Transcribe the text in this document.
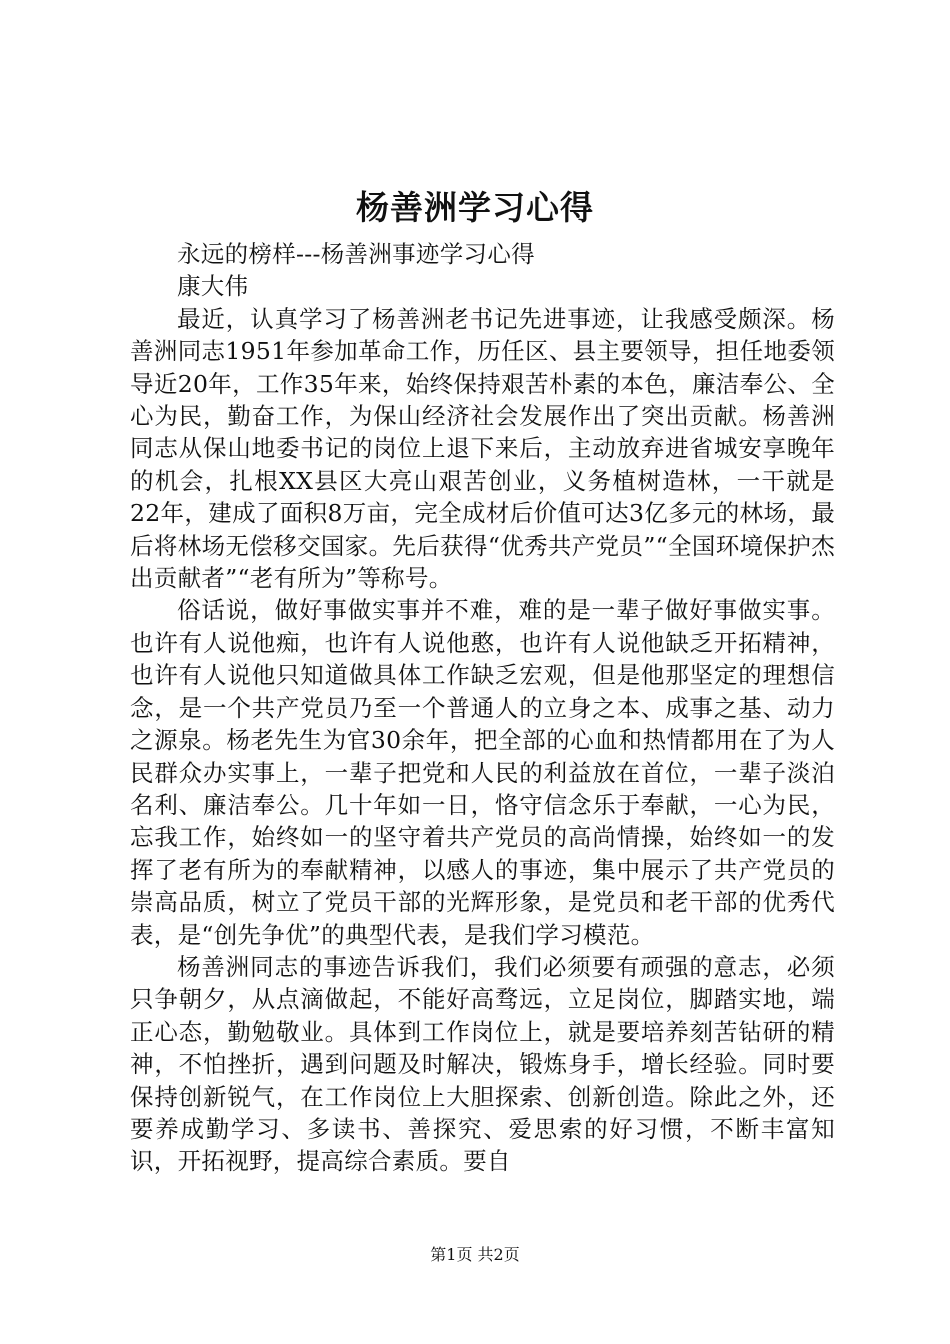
杨善洲学习心得

永远的榜样---杨善洲事迹学习心得

康大伟

最近，认真学习了杨善洲老书记先进事迹，让我感受颇深。杨善洲同志1951年参加革命工作，历任区、县主要领导，担任地委领导近20年，工作35年来，始终保持艰苦朴素的本色，廉洁奉公、全心为民，勤奋工作，为保山经济社会发展作出了突出贡献。杨善洲同志从保山地委书记的岗位上退下来后，主动放弃进省城安享晚年的机会，扎根XX县区大亮山艰苦创业，义务植树造林，一干就是22年，建成了面积8万亩，完全成材后价值可达3亿多元的林场，最后将林场无偿移交国家。先后获得“优秀共产党员”“全国环境保护杰出贡献者”“老有所为”等称号。

俗话说，做好事做实事并不难，难的是一辈子做好事做实事。也许有人说他痴，也许有人说他憨，也许有人说他缺乏开拓精神，也许有人说他只知道做具体工作缺乏宏观，但是他那坚定的理想信念，是一个共产党员乃至一个普通人的立身之本、成事之基、动力之源泉。杨老先生为官30余年，把全部的心血和热情都用在了为人民群众办实事上，一辈子把党和人民的利益放在首位，一辈子淡泊名利、廉洁奉公。几十年如一日，恪守信念乐于奉献，一心为民，忘我工作，始终如一的坚守着共产党员的高尚情操，始终如一的发挥了老有所为的奉献精神，以感人的事迹，集中展示了共产党员的崇高品质，树立了党员干部的光辉形象，是党员和老干部的优秀代表，是“创先争优”的典型代表，是我们学习模范。

杨善洲同志的事迹告诉我们，我们必须要有顽强的意志，必须只争朝夕，从点滴做起，不能好高骛远，立足岗位，脚踏实地，端正心态，勤勉敬业。具体到工作岗位上，就是要培养刻苦钻研的精神，不怕挫折，遇到问题及时解决，锻炼身手，增长经验。同时要保持创新锐气，在工作岗位上大胆探索、创新创造。除此之外，还要养成勤学习、多读书、善探究、爱思索的好习惯，不断丰富知识，开拓视野，提高综合素质。要自

第1页 共2页
